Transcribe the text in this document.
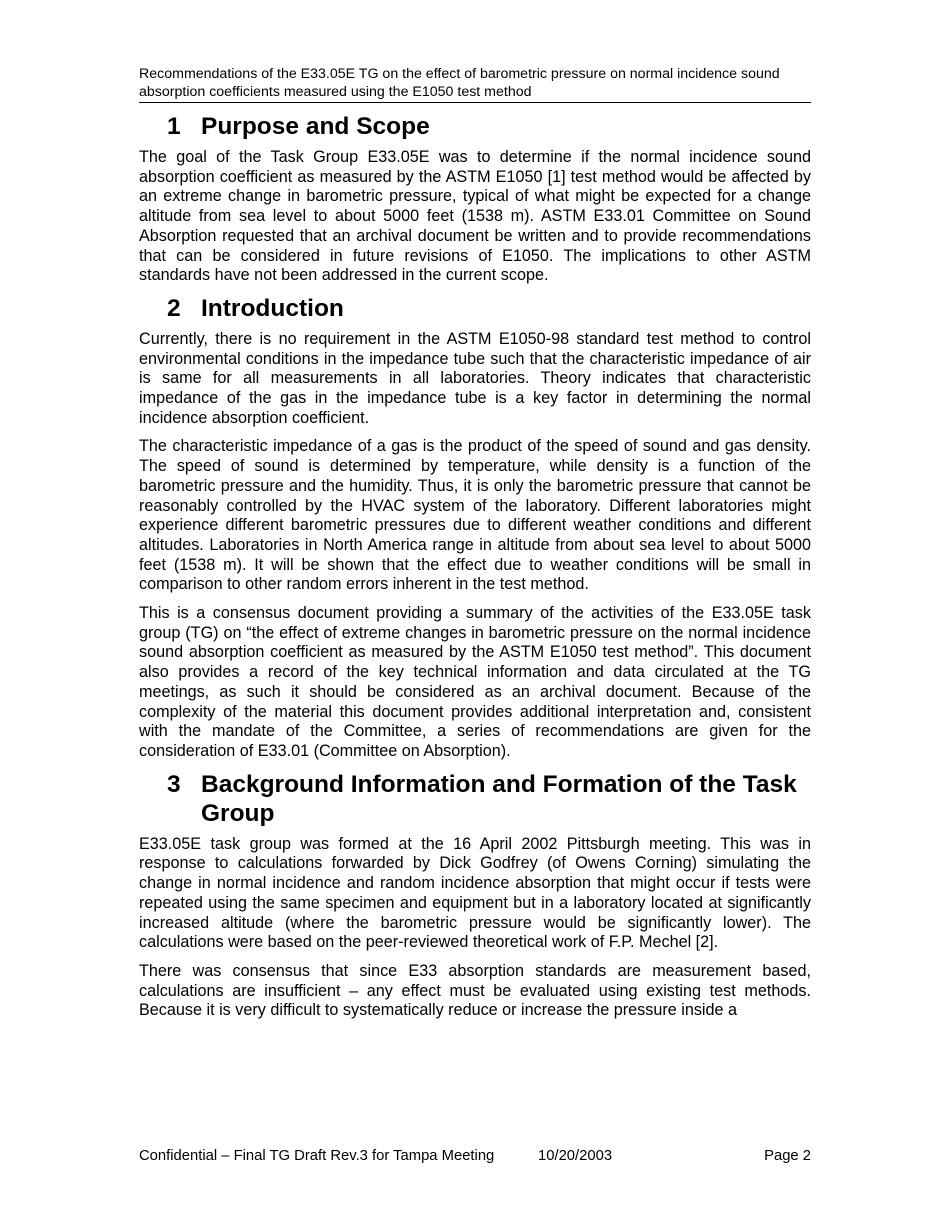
Recommendations of the E33.05E TG on the effect of barometric pressure on normal incidence sound absorption coefficients measured using the E1050 test method
1 Purpose and Scope

The goal of the Task Group E33.05E was to determine if the normal incidence sound absorption coefficient as measured by the ASTM E1050 [1] test method would be affected by an extreme change in barometric pressure, typical of what might be expected for a change altitude from sea level to about 5000 feet (1538 m). ASTM E33.01 Committee on Sound Absorption requested that an archival document be written and to provide recommendations that can be considered in future revisions of E1050. The implications to other ASTM standards have not been addressed in the current scope.

2 Introduction

Currently, there is no requirement in the ASTM E1050-98 standard test method to control environmental conditions in the impedance tube such that the characteristic impedance of air is same for all measurements in all laboratories. Theory indicates that characteristic impedance of the gas in the impedance tube is a key factor in determining the normal incidence absorption coefficient.

The characteristic impedance of a gas is the product of the speed of sound and gas density. The speed of sound is determined by temperature, while density is a function of the barometric pressure and the humidity. Thus, it is only the barometric pressure that cannot be reasonably controlled by the HVAC system of the laboratory. Different laboratories might experience different barometric pressures due to different weather conditions and different altitudes. Laboratories in North America range in altitude from about sea level to about 5000 feet (1538 m). It will be shown that the effect due to weather conditions will be small in comparison to other random errors inherent in the test method.

This is a consensus document providing a summary of the activities of the E33.05E task group (TG) on “the effect of extreme changes in barometric pressure on the normal incidence sound absorption coefficient as measured by the ASTM E1050 test method”. This document also provides a record of the key technical information and data circulated at the TG meetings, as such it should be considered as an archival document. Because of the complexity of the material this document provides additional interpretation and, consistent with the mandate of the Committee, a series of recommendations are given for the consideration of E33.01 (Committee on Absorption).

3 Background Information and Formation of the Task Group

E33.05E task group was formed at the 16 April 2002 Pittsburgh meeting. This was in response to calculations forwarded by Dick Godfrey (of Owens Corning) simulating the change in normal incidence and random incidence absorption that might occur if tests were repeated using the same specimen and equipment but in a laboratory located at significantly increased altitude (where the barometric pressure would be significantly lower). The calculations were based on the peer-reviewed theoretical work of F.P. Mechel [2].

There was consensus that since E33 absorption standards are measurement based, calculations are insufficient – any effect must be evaluated using existing test methods. Because it is very difficult to systematically reduce or increase the pressure inside a

Confidential – Final TG Draft Rev.3 for Tampa Meeting	10/20/2003	Page 2
